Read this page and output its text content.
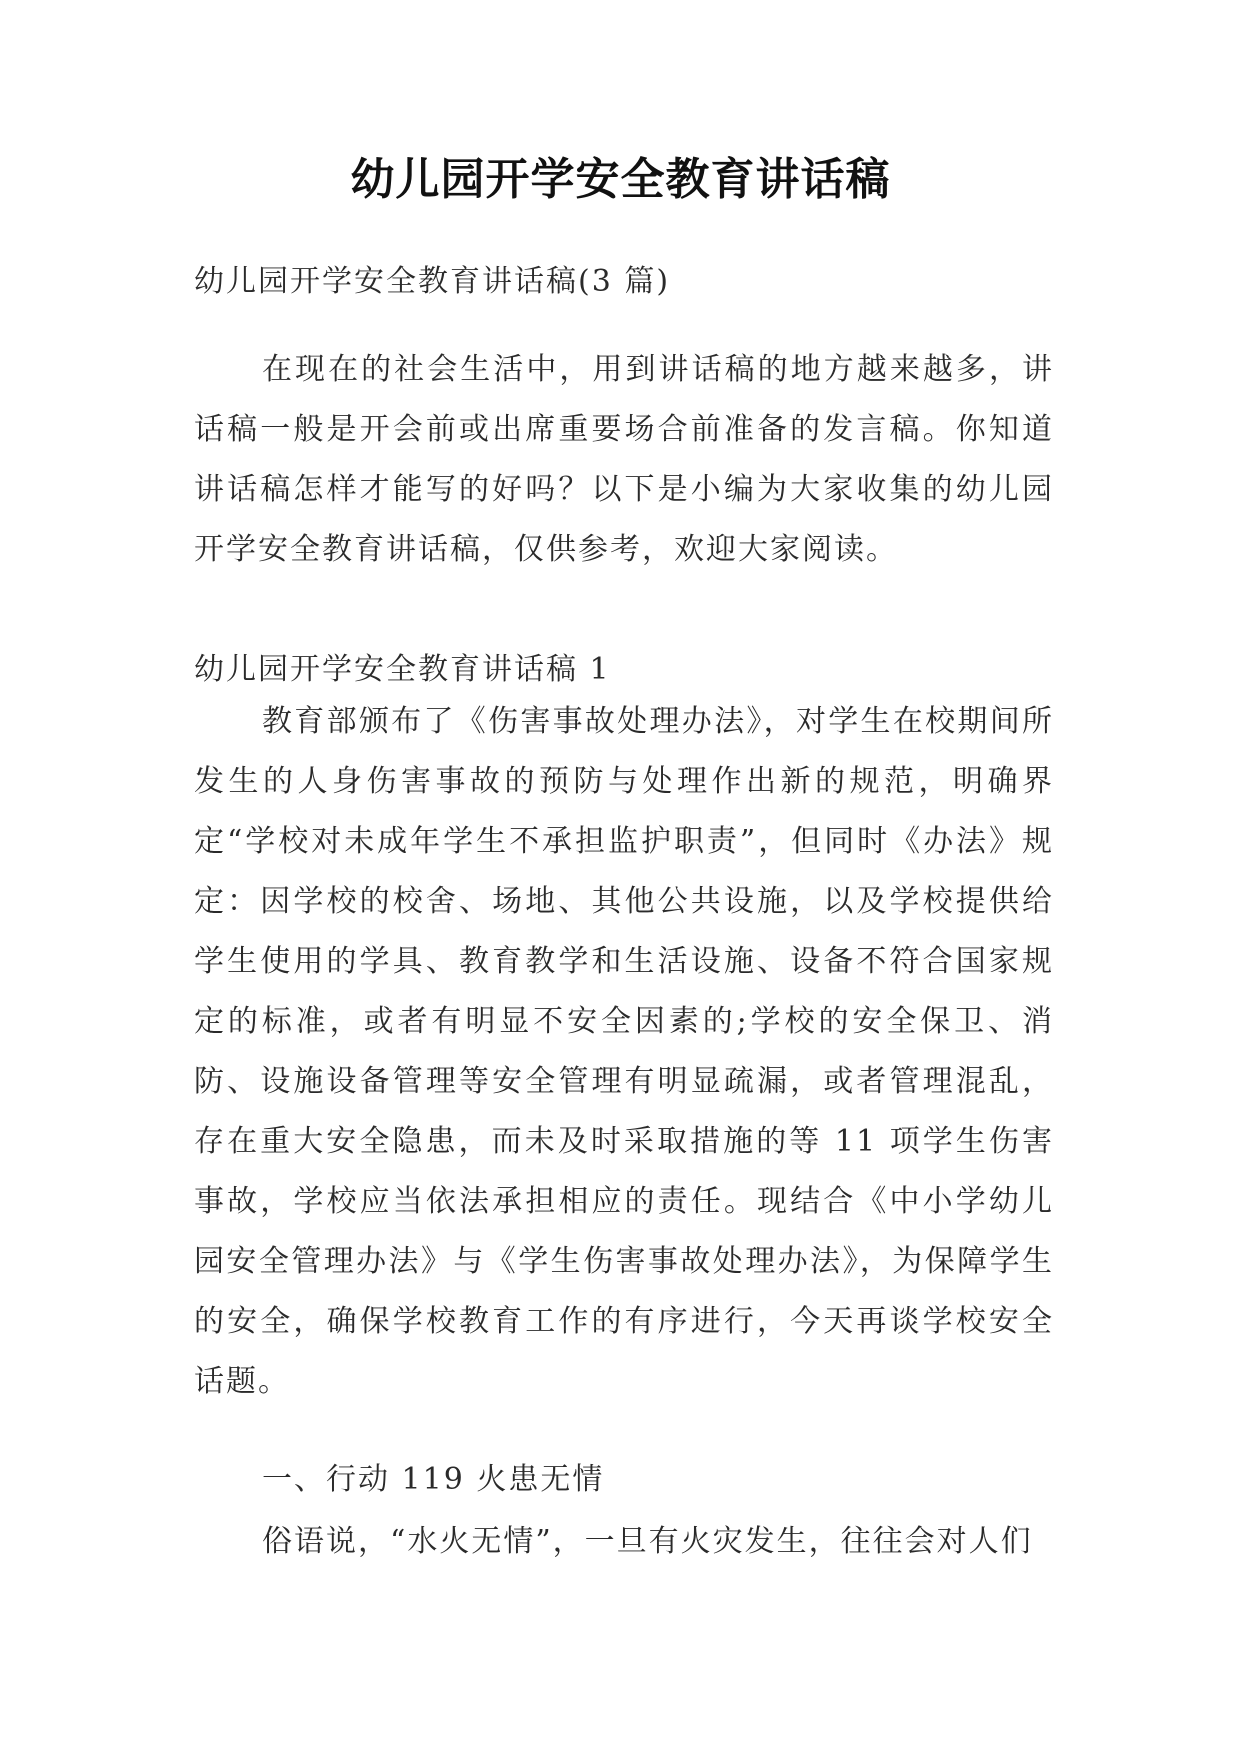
幼儿园开学安全教育讲话稿
幼儿园开学安全教育讲话稿(3 篇)
在现在的社会生活中，用到讲话稿的地方越来越多，讲话稿一般是开会前或出席重要场合前准备的发言稿。你知道讲话稿怎样才能写的好吗？以下是小编为大家收集的幼儿园开学安全教育讲话稿，仅供参考，欢迎大家阅读。
幼儿园开学安全教育讲话稿 1
教育部颁布了《伤害事故处理办法》，对学生在校期间所发生的人身伤害事故的预防与处理作出新的规范，明确界定“学校对未成年学生不承担监护职责”，但同时《办法》规定：因学校的校舍、场地、其他公共设施，以及学校提供给学生使用的学具、教育教学和生活设施、设备不符合国家规定的标准，或者有明显不安全因素的;学校的安全保卫、消防、设施设备管理等安全管理有明显疏漏，或者管理混乱，存在重大安全隐患，而未及时采取措施的等 11 项学生伤害事故，学校应当依法承担相应的责任。现结合《中小学幼儿园安全管理办法》与《学生伤害事故处理办法》，为保障学生的安全，确保学校教育工作的有序进行，今天再谈学校安全话题。
一、行动 119 火患无情
俗语说，“水火无情”，一旦有火灾发生，往往会对人们
